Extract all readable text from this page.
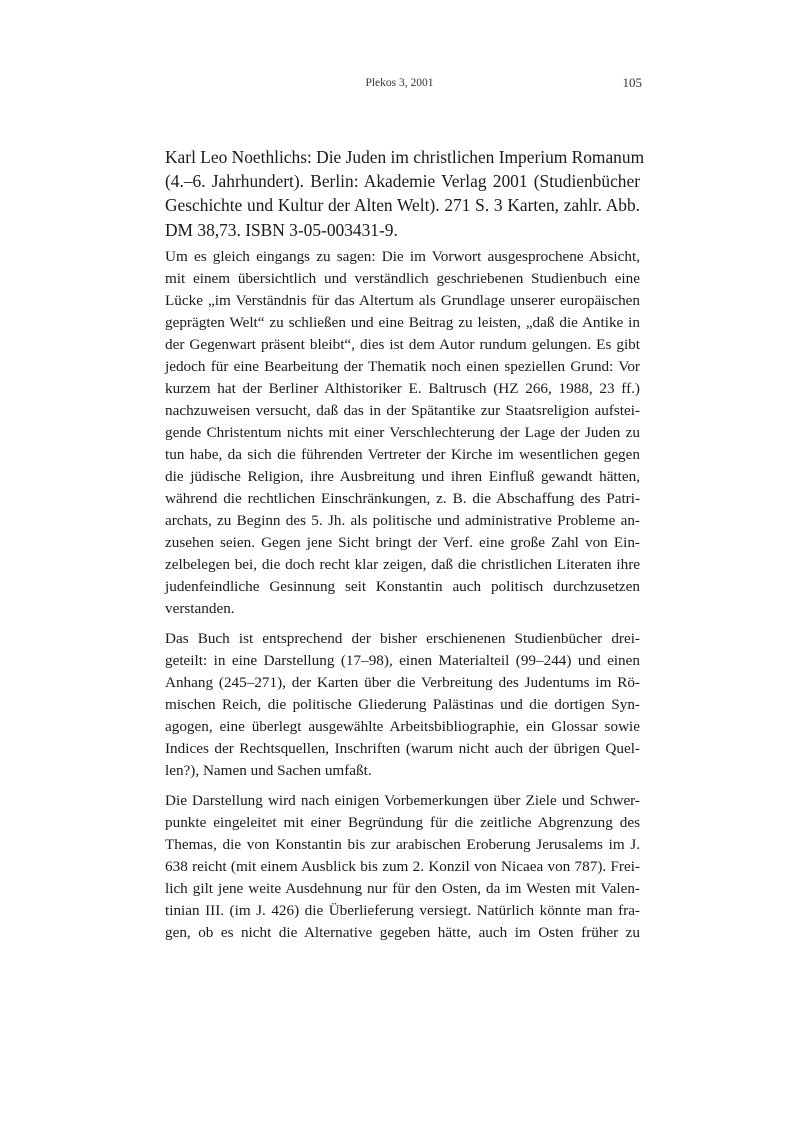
Plekos 3, 2001	105
Karl Leo Noethlichs: Die Juden im christlichen Imperium Romanum
(4.–6. Jahrhundert). Berlin: Akademie Verlag 2001 (Studienbücher
Geschichte und Kultur der Alten Welt). 271 S. 3 Karten, zahlr. Abb.
DM 38,73. ISBN 3-05-003431-9.
Um es gleich eingangs zu sagen: Die im Vorwort ausgesprochene Absicht,
mit einem übersichtlich und verständlich geschriebenen Studienbuch eine
Lücke „im Verständnis für das Altertum als Grundlage unserer europäischen
geprägten Welt“ zu schließen und eine Beitrag zu leisten, „daß die Antike in
der Gegenwart präsent bleibt“, dies ist dem Autor rundum gelungen. Es gibt
jedoch für eine Bearbeitung der Thematik noch einen speziellen Grund: Vor
kurzem hat der Berliner Althistoriker E. Baltrusch (HZ 266, 1988, 23 ff.)
nachzuweisen versucht, daß das in der Spätantike zur Staatsreligion aufstei-
gende Christentum nichts mit einer Verschlechterung der Lage der Juden zu
tun habe, da sich die führenden Vertreter der Kirche im wesentlichen gegen
die jüdische Religion, ihre Ausbreitung und ihren Einfluß gewandt hätten,
während die rechtlichen Einschränkungen, z. B. die Abschaffung des Patri-
archats, zu Beginn des 5. Jh. als politische und administrative Probleme an-
zusehen seien. Gegen jene Sicht bringt der Verf. eine große Zahl von Ein-
zelbelegen bei, die doch recht klar zeigen, daß die christlichen Literaten ihre
judenfeindliche Gesinnung seit Konstantin auch politisch durchzusetzen
verstanden.
Das Buch ist entsprechend der bisher erschienenen Studienbücher drei-
geteilt: in eine Darstellung (17–98), einen Materialteil (99–244) und einen
Anhang (245–271), der Karten über die Verbreitung des Judentums im Rö-
mischen Reich, die politische Gliederung Palästinas und die dortigen Syn-
agogen, eine überlegt ausgewählte Arbeitsbibliographie, ein Glossar sowie
Indices der Rechtsquellen, Inschriften (warum nicht auch der übrigen Quel-
len?), Namen und Sachen umfaßt.
Die Darstellung wird nach einigen Vorbemerkungen über Ziele und Schwer-
punkte eingeleitet mit einer Begründung für die zeitliche Abgrenzung des
Themas, die von Konstantin bis zur arabischen Eroberung Jerusalems im J.
638 reicht (mit einem Ausblick bis zum 2. Konzil von Nicaea von 787). Frei-
lich gilt jene weite Ausdehnung nur für den Osten, da im Westen mit Valen-
tinian III. (im J. 426) die Überlieferung versiegt. Natürlich könnte man fra-
gen, ob es nicht die Alternative gegeben hätte, auch im Osten früher zu
